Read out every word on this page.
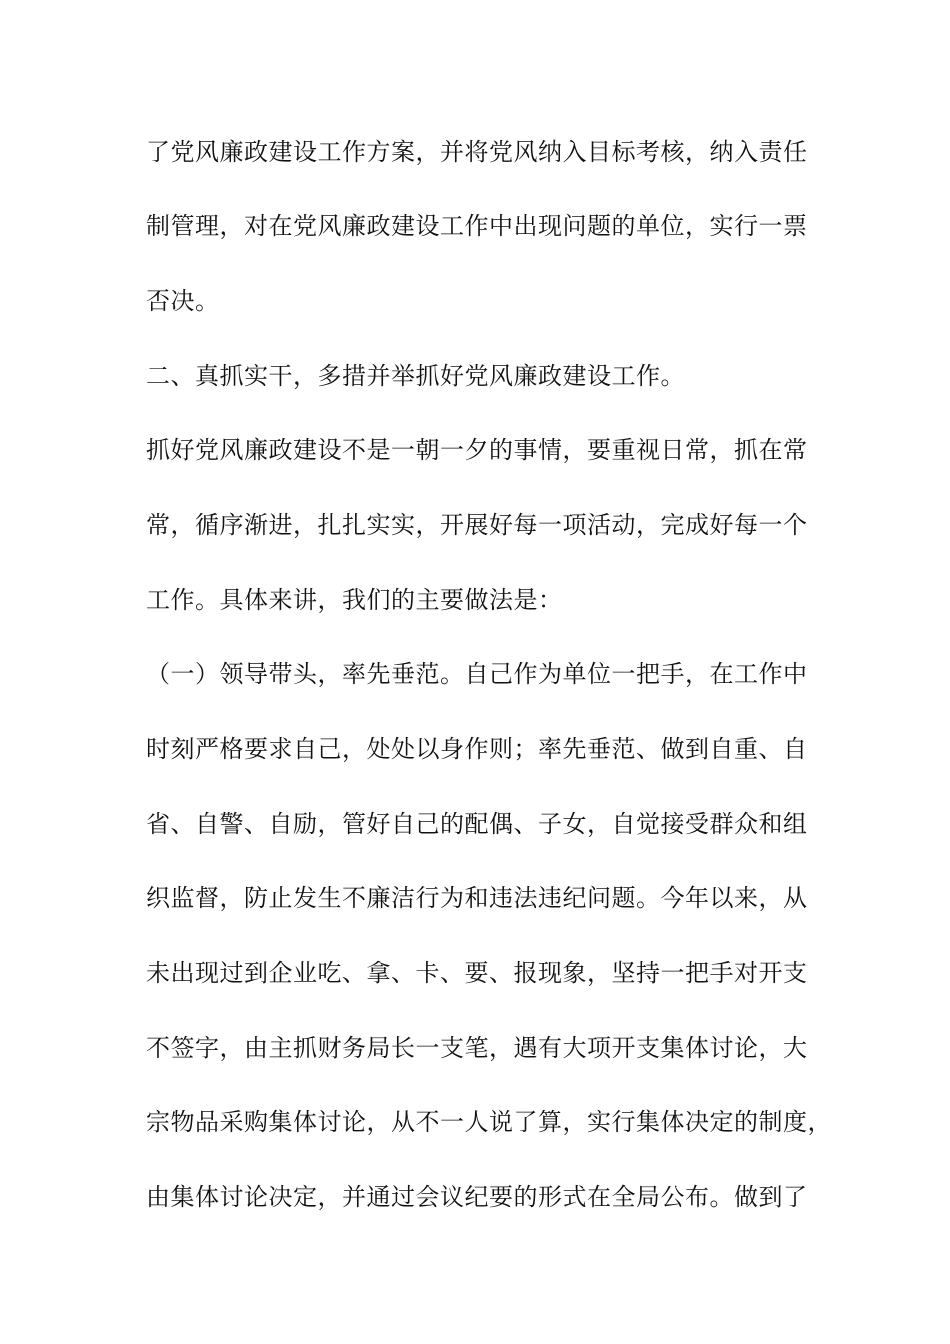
了党风廉政建设工作方案，并将党风纳入目标考核，纳入责任
制管理，对在党风廉政建设工作中出现问题的单位，实行一票
否决。
二、真抓实干，多措并举抓好党风廉政建设工作。
抓好党风廉政建设不是一朝一夕的事情，要重视日常，抓在常
常，循序渐进，扎扎实实，开展好每一项活动，完成好每一个
工作。具体来讲，我们的主要做法是：
（一）领导带头，率先垂范。自己作为单位一把手，在工作中
时刻严格要求自己，处处以身作则；率先垂范、做到自重、自
省、自警、自励，管好自己的配偶、子女，自觉接受群众和组
织监督，防止发生不廉洁行为和违法违纪问题。今年以来，从
未出现过到企业吃、拿、卡、要、报现象，坚持一把手对开支
不签字，由主抓财务局长一支笔，遇有大项开支集体讨论，大
宗物品采购集体讨论，从不一人说了算，实行集体决定的制度，
由集体讨论决定，并通过会议纪要的形式在全局公布。做到了
